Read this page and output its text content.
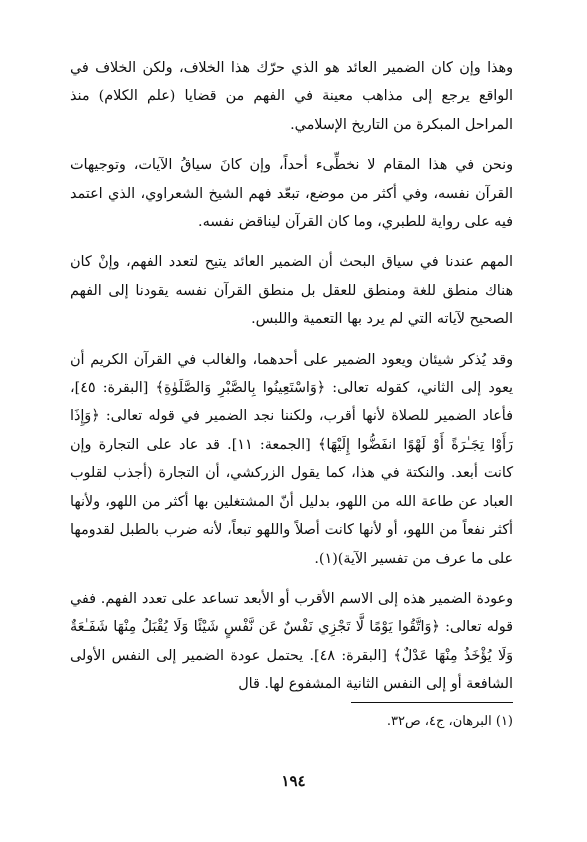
وهذا وإن كان الضمير العائد هو الذي حرّك هذا الخلاف، ولكن الخلاف في الواقع يرجع إلى مذاهب معينة في الفهم من قضايا (علم الكلام) منذ المراحل المبكرة من التاريخ الإسلامي.

ونحن في هذا المقام لا نخطِّىء أحداً، وإن كانَ سياقُ الآيات، وتوجيهات القرآن نفسه، وفي أكثر من موضع، تبعّد فهم الشيخ الشعراوي، الذي اعتمد فيه على رواية للطبري، وما كان القرآن ليناقض نفسه.

المهم عندنا في سياق البحث أن الضمير العائد يتيح لتعدد الفهم، وإنْ كان هناك منطق للغة ومنطق للعقل بل منطق القرآن نفسه يقودنا إلى الفهم الصحيح لآياته التي لم يرد بها التعمية واللبس.

وقد يُذكر شيئان ويعود الضمير على أحدهما، والغالب في القرآن الكريم أن يعود إلى الثاني، كقوله تعالى: ﴿وَاسْتَعِينُوا بِالصَّبْرِ وَالصَّلَوٰةِ﴾ [البقرة: ٤٥]، فأعاد الضمير للصلاة لأنها أقرب، ولكننا نجد الضمير في قوله تعالى: ﴿وَإِذَا رَأَوْا تِجَـٰرَةً أَوْ لَهْوًا انفَضُّوا إِلَيْهَا﴾ [الجمعة: ١١]. قد عاد على التجارة وإن كانت أبعد. والنكتة في هذا، كما يقول الزركشي، أن التجارة (أجذب لقلوب العباد عن طاعة الله من اللهو، بدليل أنّ المشتغلين بها أكثر من اللهو، ولأنها أكثر نفعاً من اللهو، أو لأنها كانت أصلاً واللهو تبعاً، لأنه ضرب بالطبل لقدومها على ما عرف من تفسير الآية)(١).

وعودة الضمير هذه إلى الاسم الأقرب أو الأبعد تساعد على تعدد الفهم. ففي قوله تعالى: ﴿وَاتَّقُوا يَوْمًا لَّا تَجْزِي نَفْسٌ عَن نَّفْسٍ شَيْئًا وَلَا يُقْبَلُ مِنْهَا شَفَـٰعَةٌ وَلَا يُؤْخَذُ مِنْهَا عَدْلٌ﴾ [البقرة: ٤٨]. يحتمل عودة الضمير إلى النفس الأولى الشافعة أو إلى النفس الثانية المشفوع لها. قال

(١) البرهان، ج٤، ص٣٢.

١٩٤
